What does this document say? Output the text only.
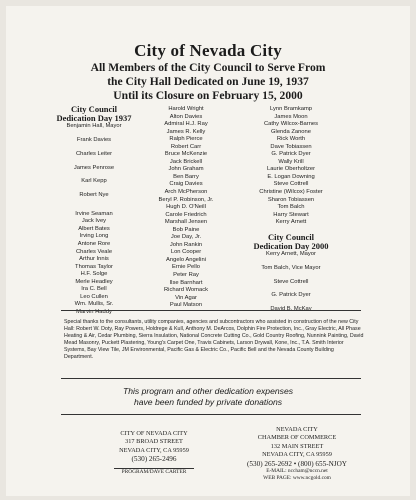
City of Nevada City
All Members of the City Council to Serve From
the City Hall Dedicated on June 19, 1937
Until its Closure on February 15, 2000
City Council
Dedication Day 1937
Benjamin Hall, Mayor
Frank Davies
Charles Leiter
James Penrose
Karl Kepp
Robert Nye
Irvine Seaman
Jack Ivey
Albert Bates
Irving Long
Antone Rore
Charles Veale
Arthur Innis
Thomas Taylor
H.F. Solge
Merle Headley
Ira C. Bell
Leo Cullen
Wm. Mullis, Sr.
Marvin Haddy
Harold Wright
Alton Davies
Admiral H.J. Ray
James R. Kelly
Ralph Pierce
Robert Carr
Bruce McKenzie
Jack Brickell
John Graham
Ben Barry
Craig Davies
Arch McPherson
Beryl P. Robinson, Jr.
Hugh D. O'Neill
Carole Friedrich
Marshall Jensen
Bob Paine
Joe Day, Jr.
John Rankin
Lon Cooper
Angelo Angelini
Ernie Pello
Peter Ray
Ilse Barnhart
Richard Womack
Vin Agar
Paul Matson
Lynn Bramkamp
James Moon
Cathy Wilcox-Barnes
Glenda Zanone
Rick Worth
Dave Tobiassen
G. Patrick Dyer
Wally Krill
Laurie Oberholtzer
E. Logan Downing
Steve Cottrell
Christine (Wilcox) Foster
Sharon Tobiassen
Tom Balch
Harry Stewart
Kerry Arnett
City Council
Dedication Day 2000
Kerry Arnett, Mayor
Tom Balch, Vice Mayor
Steve Cottrell
G. Patrick Dyer
David B. McKay
Special thanks to the consultants, utility companies, agencies and subcontractors who assisted in construction of the new City Hall: Robert W. Doty, Ray Powers, Holdrege & Kull, Anthony M. DeArcos, Dolphin Fire Protection, Inc., Gray Electric, All Phase Heating & Air, Cedar Plumbing, Sierra Insulation, National Concrete Cutting Co., Gold Country Roofing, Nunnink Painting, David Mead Masonry, Puckett Plastering, Young's Carpet One, Travis Cabinets, Larson Drywall, Kone, Inc., T.A. Smith Interior Systems, Bay View Tile, JM Environmental, Pacific Gas & Electric Co., Pacific Bell and the Nevada County Building Department.
This program and other dedication expenses
have been funded by private donations
CITY OF NEVADA CITY
317 BROAD STREET
NEVADA CITY, CA 95959
(530) 265-2496
PROGRAM/DAVE CARTER
NEVADA CITY
CHAMBER OF COMMERCE
132 MAIN STREET
NEVADA CITY, CA 95959
(530) 265-2692 • (800) 655-NJOY
E-MAIL: nccham@nccn.net
WEB PAGE: www.ncgold.com
